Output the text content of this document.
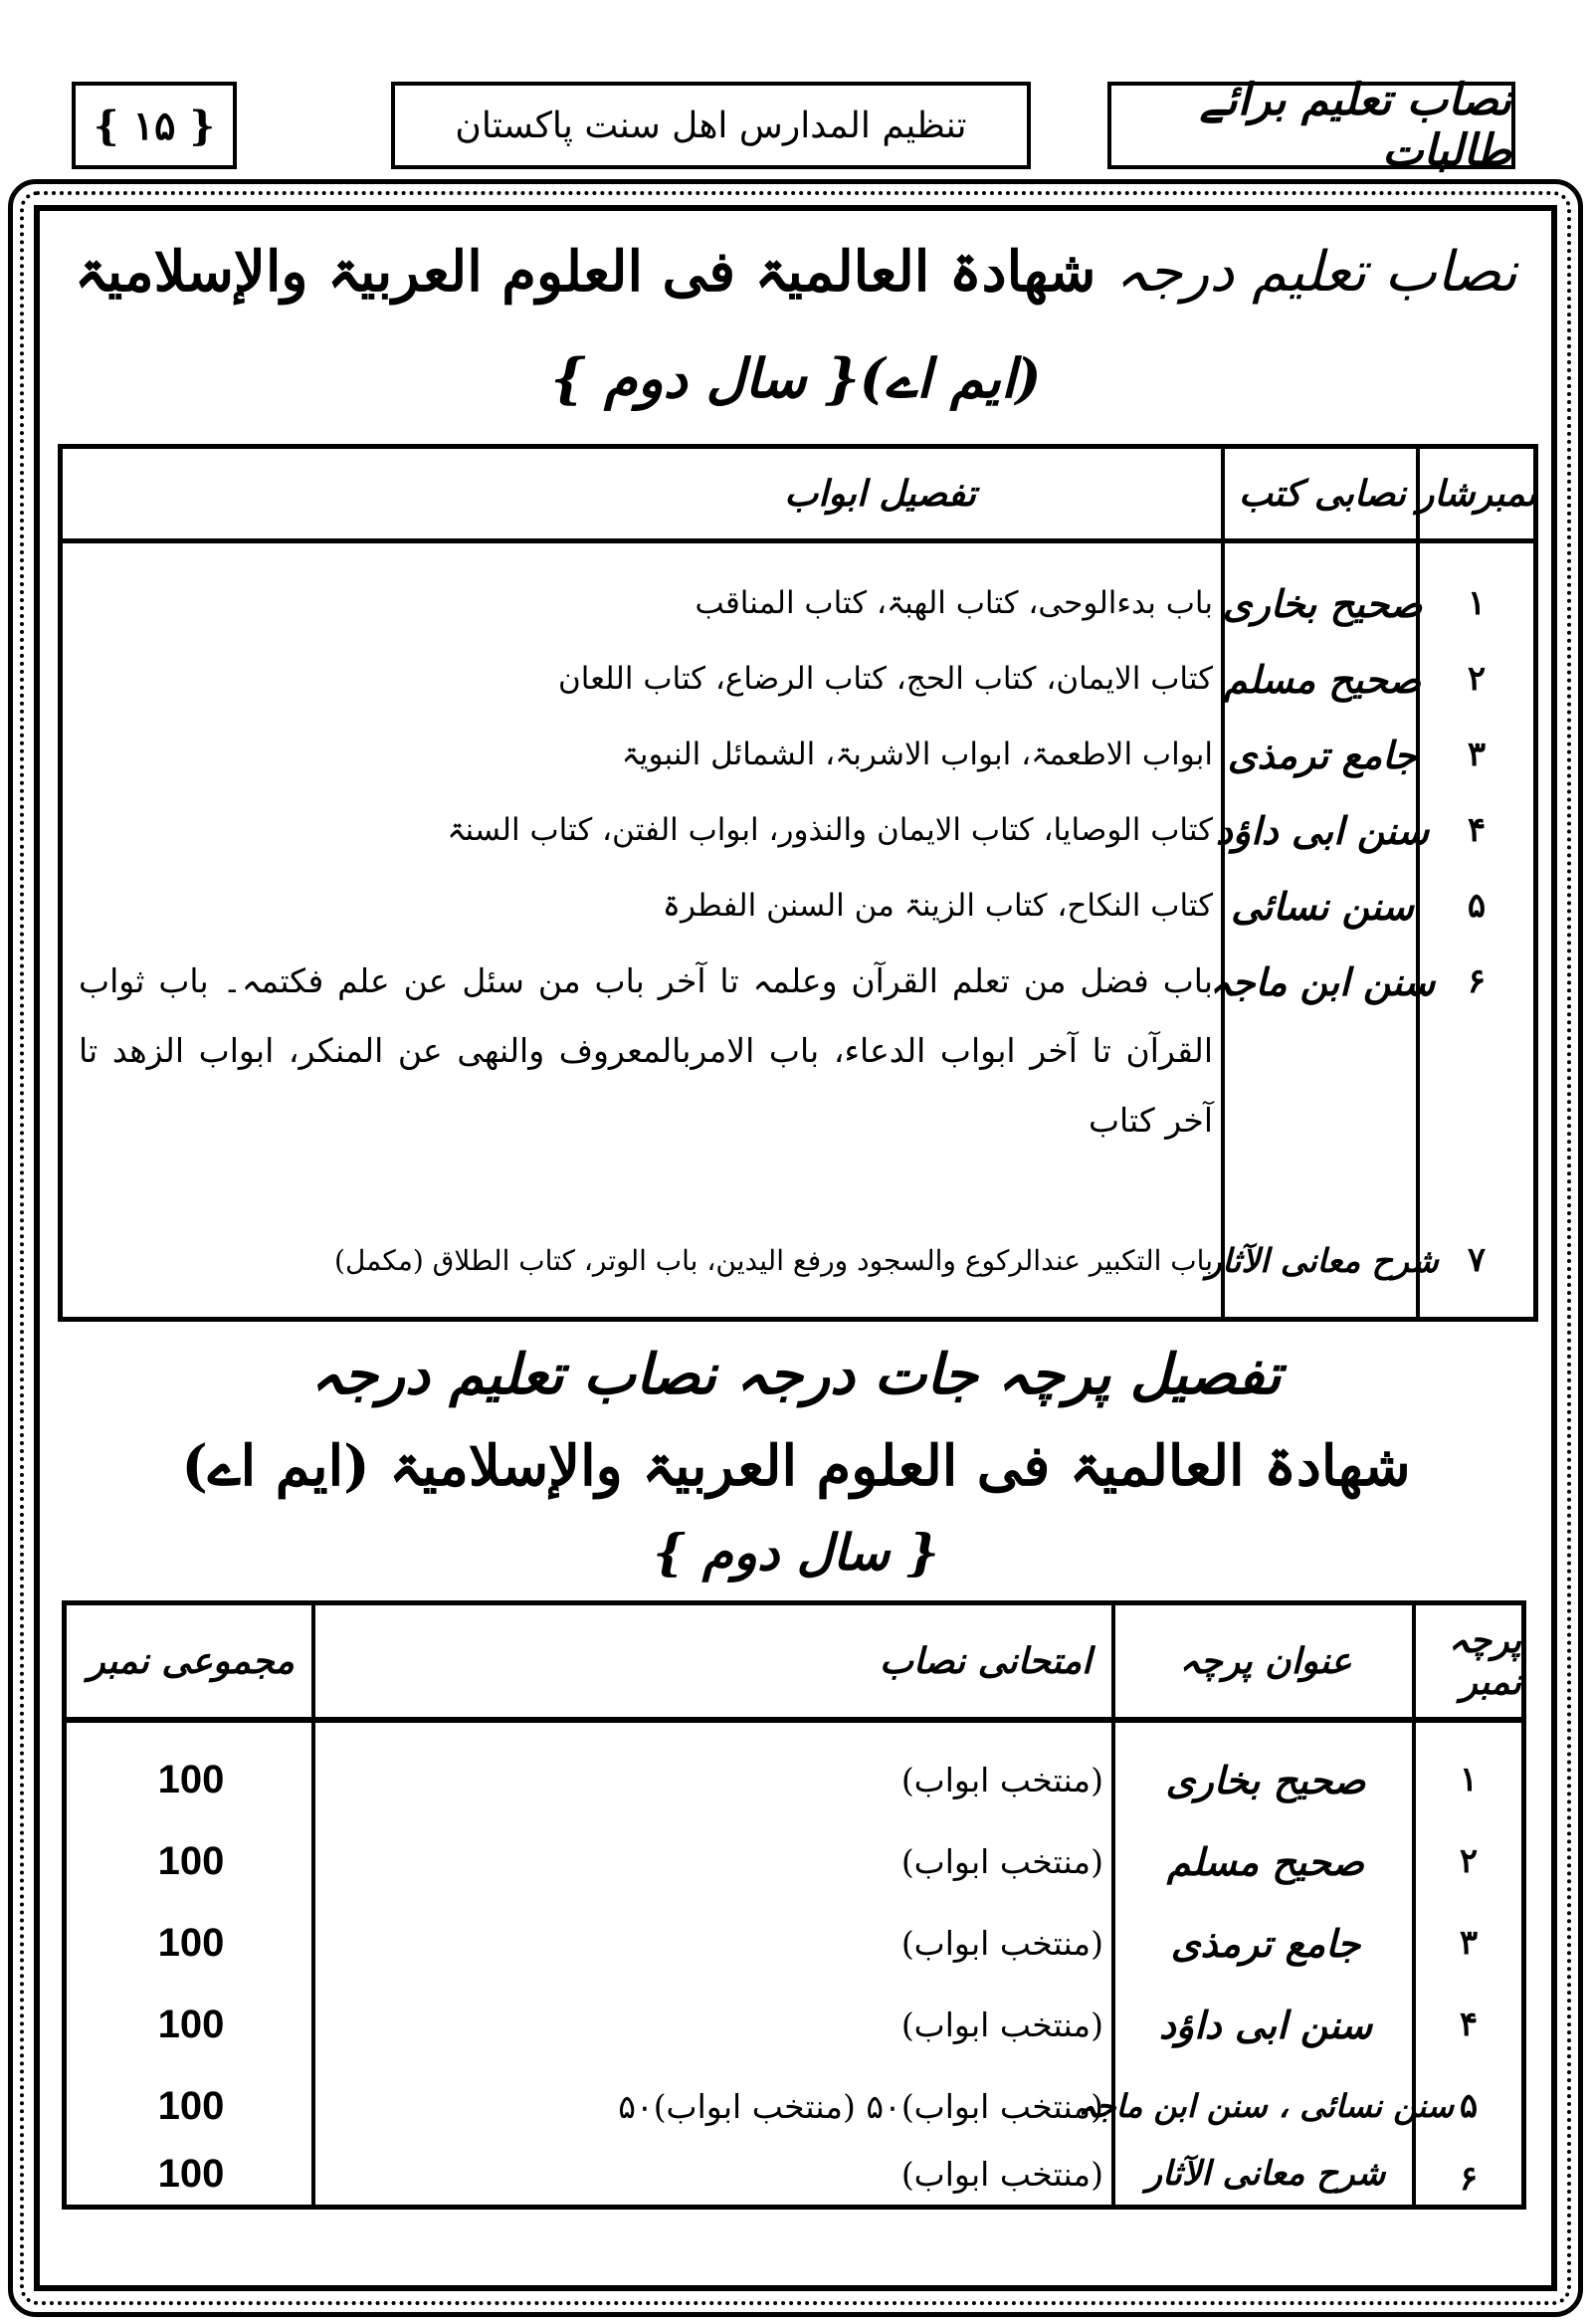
{ ۱۵ }	تنظیم المدارس اھل سنت پاکستان	نصاب تعلیم برائے طالبات
نصاب تعلیم درجہ شھادۃ العالمیۃ فی العلوم العربیۃ والإسلامیۃ
(ایم اے){ سال دوم }
نمبرشار
نصابی کتب
تفصیل ابواب
۱
صحیح بخاری
باب بدءالوحی، کتاب الھبۃ، کتاب المناقب
۲
صحیح مسلم
کتاب الایمان، کتاب الحج، کتاب الرضاع، کتاب اللعان
۳
جامع ترمذی
ابواب الاطعمۃ، ابواب الاشربۃ، الشمائل النبویۃ
۴
سنن ابی داؤد
کتاب الوصایا، کتاب الایمان والنذور، ابواب الفتن، کتاب السنۃ
۵
سنن نسائی
کتاب النکاح، کتاب الزینۃ من السنن الفطرۃ
۶
سنن ابن ماجہ
باب فضل من تعلم القرآن وعلمہ تا آخر باب من سئل عن علم فکتمہ۔ باب ثواب القرآن تا آخر ابواب الدعاء، باب الامربالمعروف والنھی عن المنکر، ابواب الزھد تا آخر کتاب
۷
شرح معانی الآثار
باب التکبیر عندالرکوع والسجود ورفع الیدین، باب الوتر، کتاب الطلاق (مکمل)
تفصیل پرچہ جات درجہ نصاب تعلیم درجہ
شھادۃ العالمیۃ فی العلوم العربیۃ والإسلامیۃ (ایم اے)
{ سال دوم }
پرچہ نمبر
عنوان پرچہ
امتحانی نصاب
مجموعی نمبر
۱
صحیح بخاری
(منتخب ابواب)
100
۲
صحیح مسلم
(منتخب ابواب)
100
۳
جامع ترمذی
(منتخب ابواب)
100
۴
سنن ابی داؤد
(منتخب ابواب)
100
۵
سنن نسائی ، سنن ابن ماجہ
(منتخب ابواب)۵۰ (منتخب ابواب)۵۰
100
۶
شرح معانی الآثار
(منتخب ابواب)
100
